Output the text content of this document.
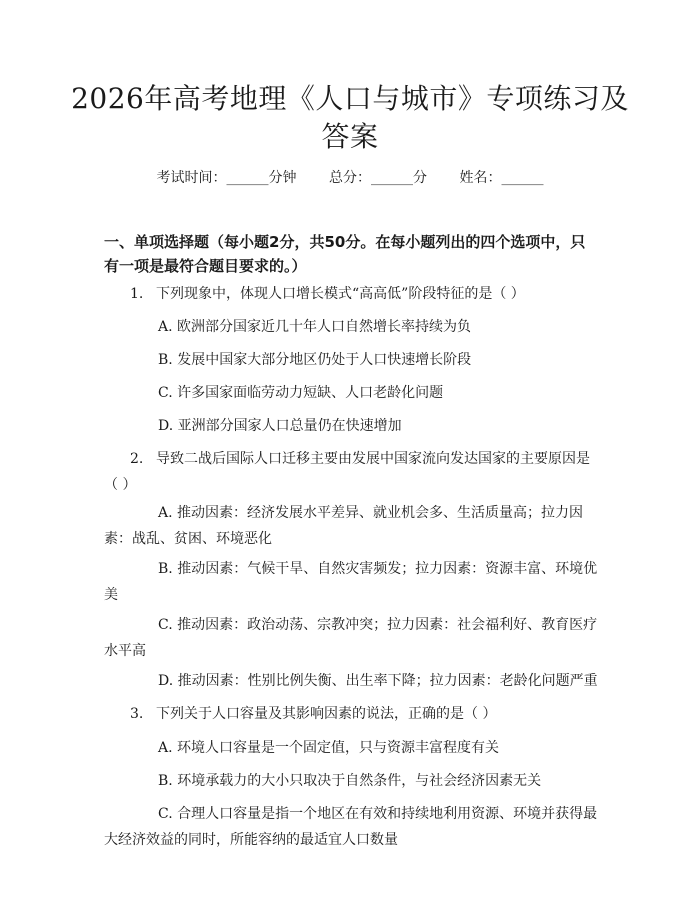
2026年高考地理《人口与城市》专项练习及答案
考试时间：______分钟 总分：______分 姓名：______
一、单项选择题（每小题2分，共50分。在每小题列出的四个选项中，只有一项是最符合题目要求的。）
1. 下列现象中，体现人口增长模式“高高低”阶段特征的是（ ）
A. 欧洲部分国家近几十年人口自然增长率持续为负
B. 发展中国家大部分地区仍处于人口快速增长阶段
C. 许多国家面临劳动力短缺、人口老龄化问题
D. 亚洲部分国家人口总量仍在快速增加
2. 导致二战后国际人口迁移主要由发展中国家流向发达国家的主要原因是（ ）
A. 推动因素：经济发展水平差异、就业机会多、生活质量高；拉力因素：战乱、贫困、环境恶化
B. 推动因素：气候干旱、自然灾害频发；拉力因素：资源丰富、环境优美
C. 推动因素：政治动荡、宗教冲突；拉力因素：社会福利好、教育医疗水平高
D. 推动因素：性别比例失衡、出生率下降；拉力因素：老龄化问题严重
3. 下列关于人口容量及其影响因素的说法，正确的是（ ）
A. 环境人口容量是一个固定值，只与资源丰富程度有关
B. 环境承载力的大小只取决于自然条件，与社会经济因素无关
C. 合理人口容量是指一个地区在有效和持续地利用资源、环境并获得最大经济效益的同时，所能容纳的最适宜人口数量
